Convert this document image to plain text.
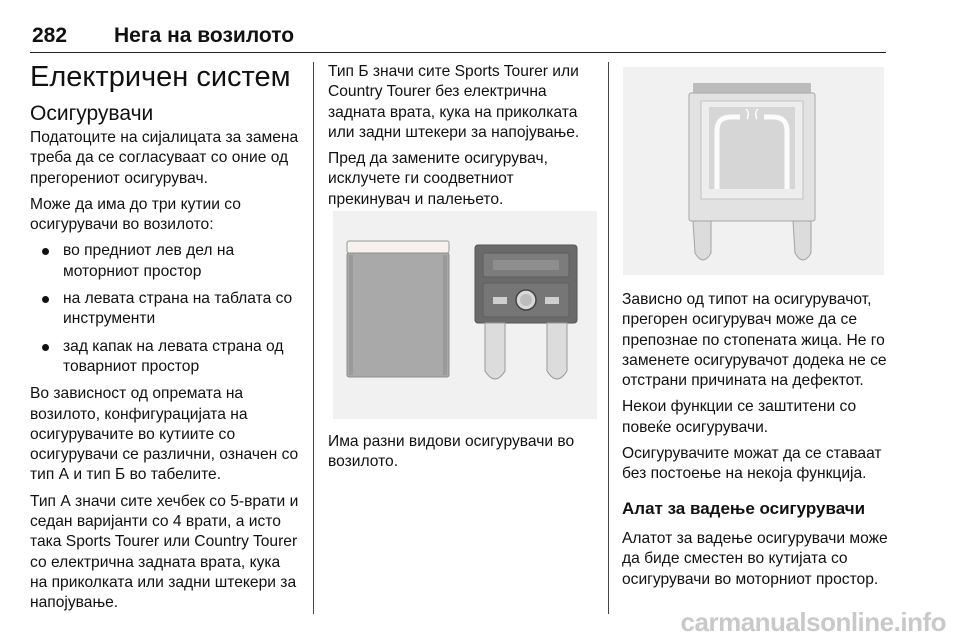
282 Нега на возилото
Електричен систем
Осигурувачи

Податоците на сијалицата за замена треба да се согласуваат со оние од прегорениот осигурувач.

Може да има до три кутии со осигурувачи во возилото:

во предниот лев дел на моторниот простор
на левата страна на таблата со инструменти
зад капак на левата страна од товарниот простор

Во зависност од опремата на возилото, конфигурацијата на осигурувачите во кутиите со осигурувачи се различни, означен со тип А и тип Б во табелите.

Тип А значи сите хечбек со 5-врати и седан варијанти со 4 врати, а исто така Sports Tourer или Country Tourer со електрична задната врата, кука на приколката или задни штекери за напојување.

Тип Б значи сите Sports Tourer или Country Tourer без електрична задната врата, кука на приколката или задни штекери за напојување.

Пред да замените осигурувач, исклучете ги соодветниот прекинувач и палењето.

Има разни видови осигурувачи во возилото.

Зависно од типот на осигурувачот, прегорен осигурувач може да се препознае по стопената жица. Не го заменете осигурувачот додека не се отстрани причината на дефектот.

Некои функции се заштитени со повеќе осигурувачи.

Осигурувачите можат да се ставаат без постоење на некоја функција.

Алат за вадење осигурувачи

Алатот за вадење осигурувачи може да биде сместен во кутијата со осигурувачи во моторниот простор.

carmanualsonline.info
